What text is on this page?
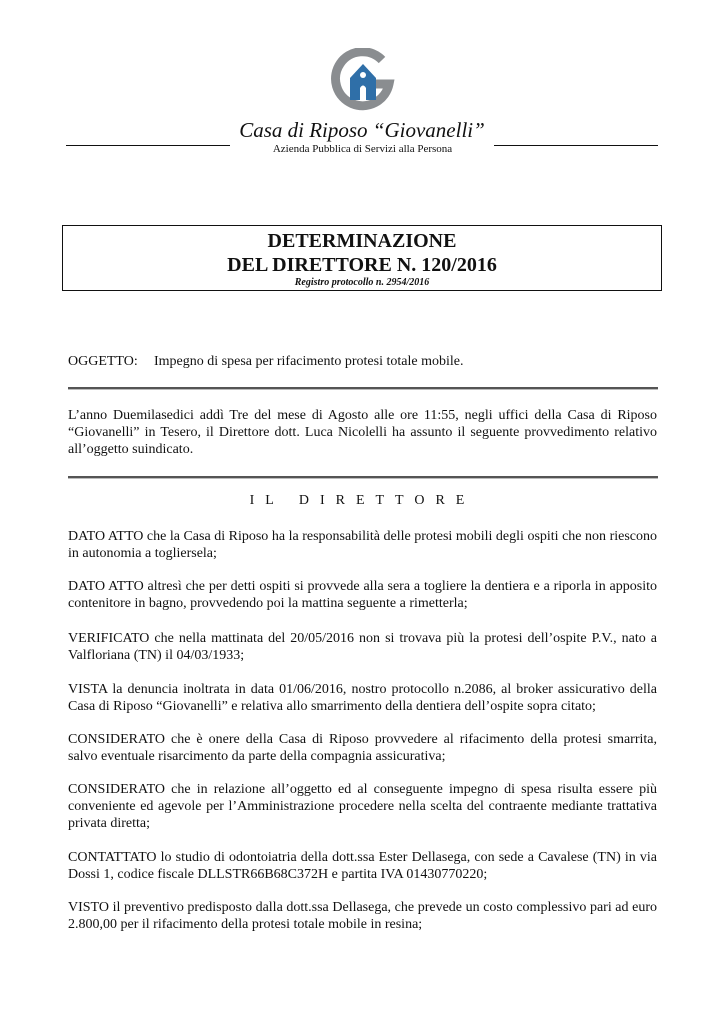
Casa di Riposo “Giovanelli”
Azienda Pubblica di Servizi alla Persona
DETERMINAZIONE
DEL DIRETTORE N. 120/2016
Registro protocollo n. 2954/2016
OGGETTO: Impegno di spesa per rifacimento protesi totale mobile.

L’anno Duemilasedici addì Tre del mese di Agosto alle ore 11:55, negli uffici della Casa di Riposo “Giovanelli” in Tesero, il Direttore dott. Luca Nicolelli ha assunto il seguente provvedimento relativo all’oggetto suindicato.

IL DIRETTORE

DATO ATTO che la Casa di Riposo ha la responsabilità delle protesi mobili degli ospiti che non riescono in autonomia a togliersela;

DATO ATTO altresì che per detti ospiti si provvede alla sera a togliere la dentiera e a riporla in apposito contenitore in bagno, provvedendo poi la mattina seguente a rimetterla;

VERIFICATO che nella mattinata del 20/05/2016 non si trovava più la protesi dell’ospite P.V., nato a Valfloriana (TN) il 04/03/1933;

VISTA la denuncia inoltrata in data 01/06/2016, nostro protocollo n.2086, al broker assicurativo della Casa di Riposo “Giovanelli” e relativa allo smarrimento della dentiera dell’ospite sopra citato;

CONSIDERATO che è onere della Casa di Riposo provvedere al rifacimento della protesi smarrita, salvo eventuale risarcimento da parte della compagnia assicurativa;

CONSIDERATO che in relazione all’oggetto ed al conseguente impegno di spesa risulta essere più conveniente ed agevole per l’Amministrazione procedere nella scelta del contraente mediante trattativa privata diretta;

CONTATTATO lo studio di odontoiatria della dott.ssa Ester Dellasega, con sede a Cavalese (TN) in via Dossi 1, codice fiscale DLLSTR66B68C372H e partita IVA 01430770220;

VISTO il preventivo predisposto dalla dott.ssa Dellasega, che prevede un costo complessivo pari ad euro 2.800,00 per il rifacimento della protesi totale mobile in resina;
